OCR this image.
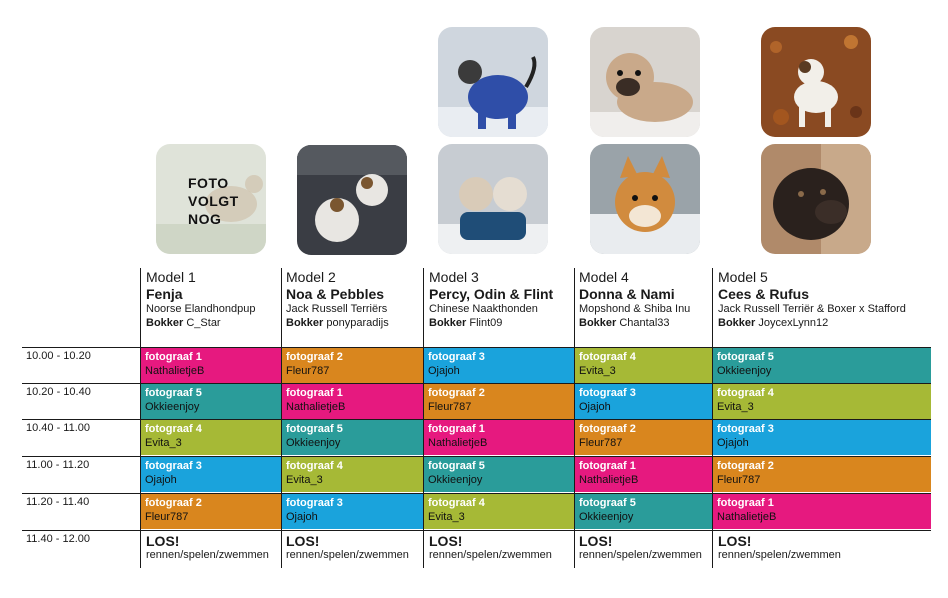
FOTO
VOLGT
NOG
Model 1
Fenja
Noorse Elandhondpup
Bokker C_Star
Model 2
Noa & Pebbles
Jack Russell Terriërs
Bokker ponyparadijs
Model 3
Percy, Odin & Flint
Chinese Naakthonden
Bokker Flint09
Model 4
Donna & Nami
Mopshond & Shiba Inu
Bokker Chantal33
Model 5
Cees & Rufus
Jack Russell Terriër & Boxer x Stafford
Bokker JoycexLynn12
10.00 - 10.20
10.20 - 10.40
10.40 - 11.00
11.00 - 11.20
11.20 - 11.40
11.40 - 12.00
fotograaf 1
NathalietjeB
fotograaf 2
Fleur787
fotograaf 3
Ojajoh
fotograaf 4
Evita_3
fotograaf 5
Okkieenjoy
fotograaf 5
Okkieenjoy
fotograaf 1
NathalietjeB
fotograaf 2
Fleur787
fotograaf 3
Ojajoh
fotograaf 4
Evita_3
fotograaf 4
Evita_3
fotograaf 5
Okkieenjoy
fotograaf 1
NathalietjeB
fotograaf 2
Fleur787
fotograaf 3
Ojajoh
fotograaf 3
Ojajoh
fotograaf 4
Evita_3
fotograaf 5
Okkieenjoy
fotograaf 1
NathalietjeB
fotograaf 2
Fleur787
fotograaf 2
Fleur787
fotograaf 3
Ojajoh
fotograaf 4
Evita_3
fotograaf 5
Okkieenjoy
fotograaf 1
NathalietjeB
LOS!
rennen/spelen/zwemmen
LOS!
rennen/spelen/zwemmen
LOS!
rennen/spelen/zwemmen
LOS!
rennen/spelen/zwemmen
LOS!
rennen/spelen/zwemmen
